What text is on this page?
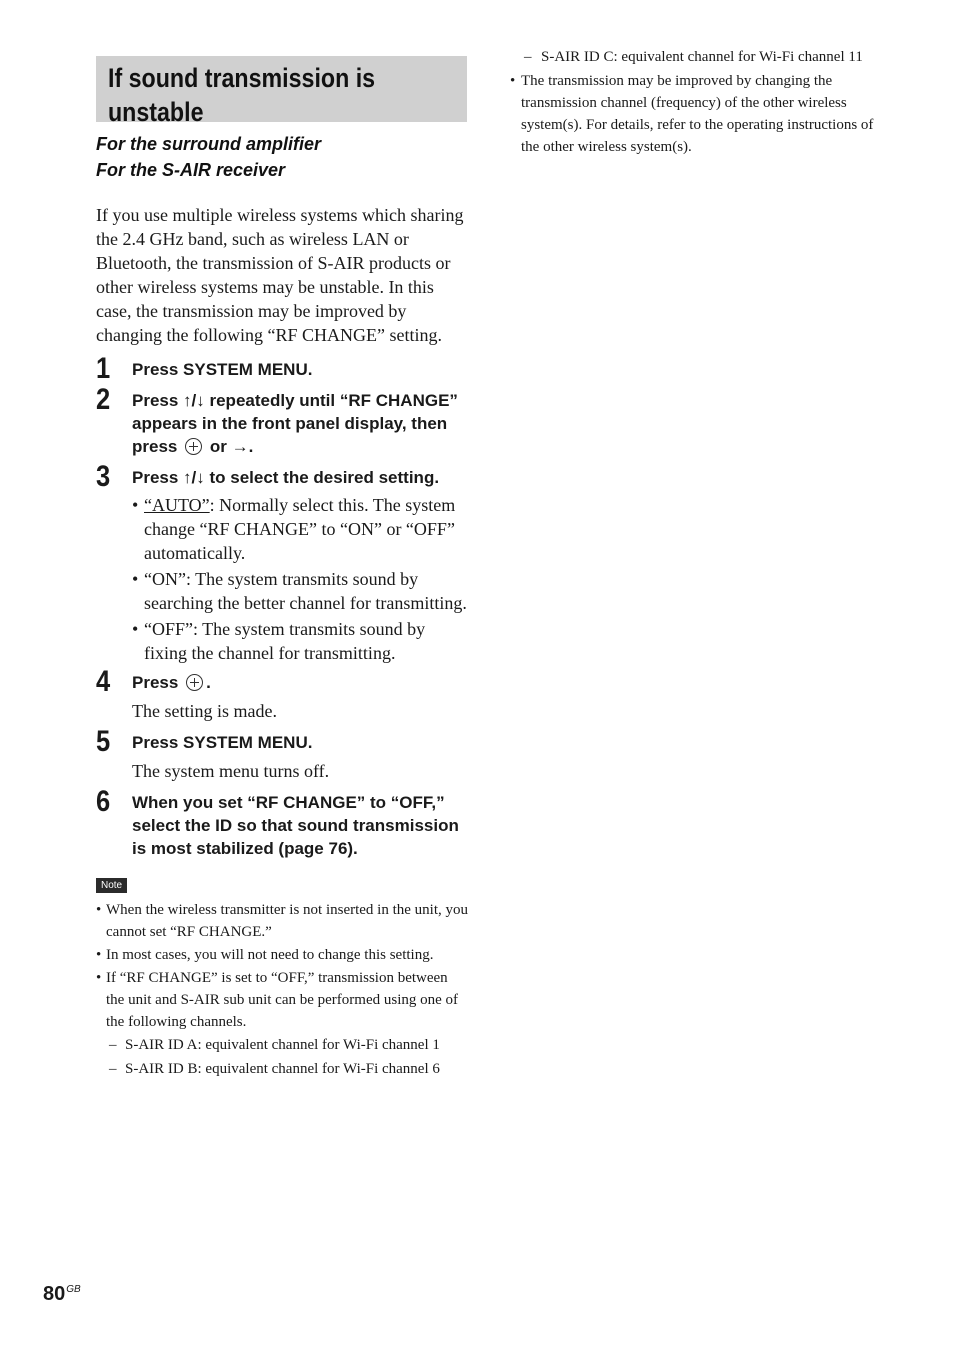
If sound transmission is
unstable
For the surround amplifier
For the S-AIR receiver
If you use multiple wireless systems which sharing the 2.4 GHz band, such as wireless LAN or Bluetooth, the transmission of S-AIR products or other wireless systems may be unstable. In this case, the transmission may be improved by changing the following “RF CHANGE” setting.
1 Press SYSTEM MENU.
2 Press ↑/↓ repeatedly until “RF CHANGE” appears in the front panel display, then press or →.
3 Press ↑/↓ to select the desired setting.
• “AUTO”: Normally select this. The system change “RF CHANGE” to “ON” or “OFF” automatically.
• “ON”: The system transmits sound by searching the better channel for transmitting.
• “OFF”: The system transmits sound by fixing the channel for transmitting.
4 Press .
The setting is made.
5 Press SYSTEM MENU.
The system menu turns off.
6 When you set “RF CHANGE” to “OFF,” select the ID so that sound transmission is most stabilized (page 76).
Note
• When the wireless transmitter is not inserted in the unit, you cannot set “RF CHANGE.”
• In most cases, you will not need to change this setting.
• If “RF CHANGE” is set to “OFF,” transmission between the unit and S-AIR sub unit can be performed using one of the following channels.
– S-AIR ID A: equivalent channel for Wi-Fi channel 1
– S-AIR ID B: equivalent channel for Wi-Fi channel 6
– S-AIR ID C: equivalent channel for Wi-Fi channel 11
• The transmission may be improved by changing the transmission channel (frequency) of the other wireless system(s). For details, refer to the operating instructions of the other wireless system(s).
$80^{GB}$
